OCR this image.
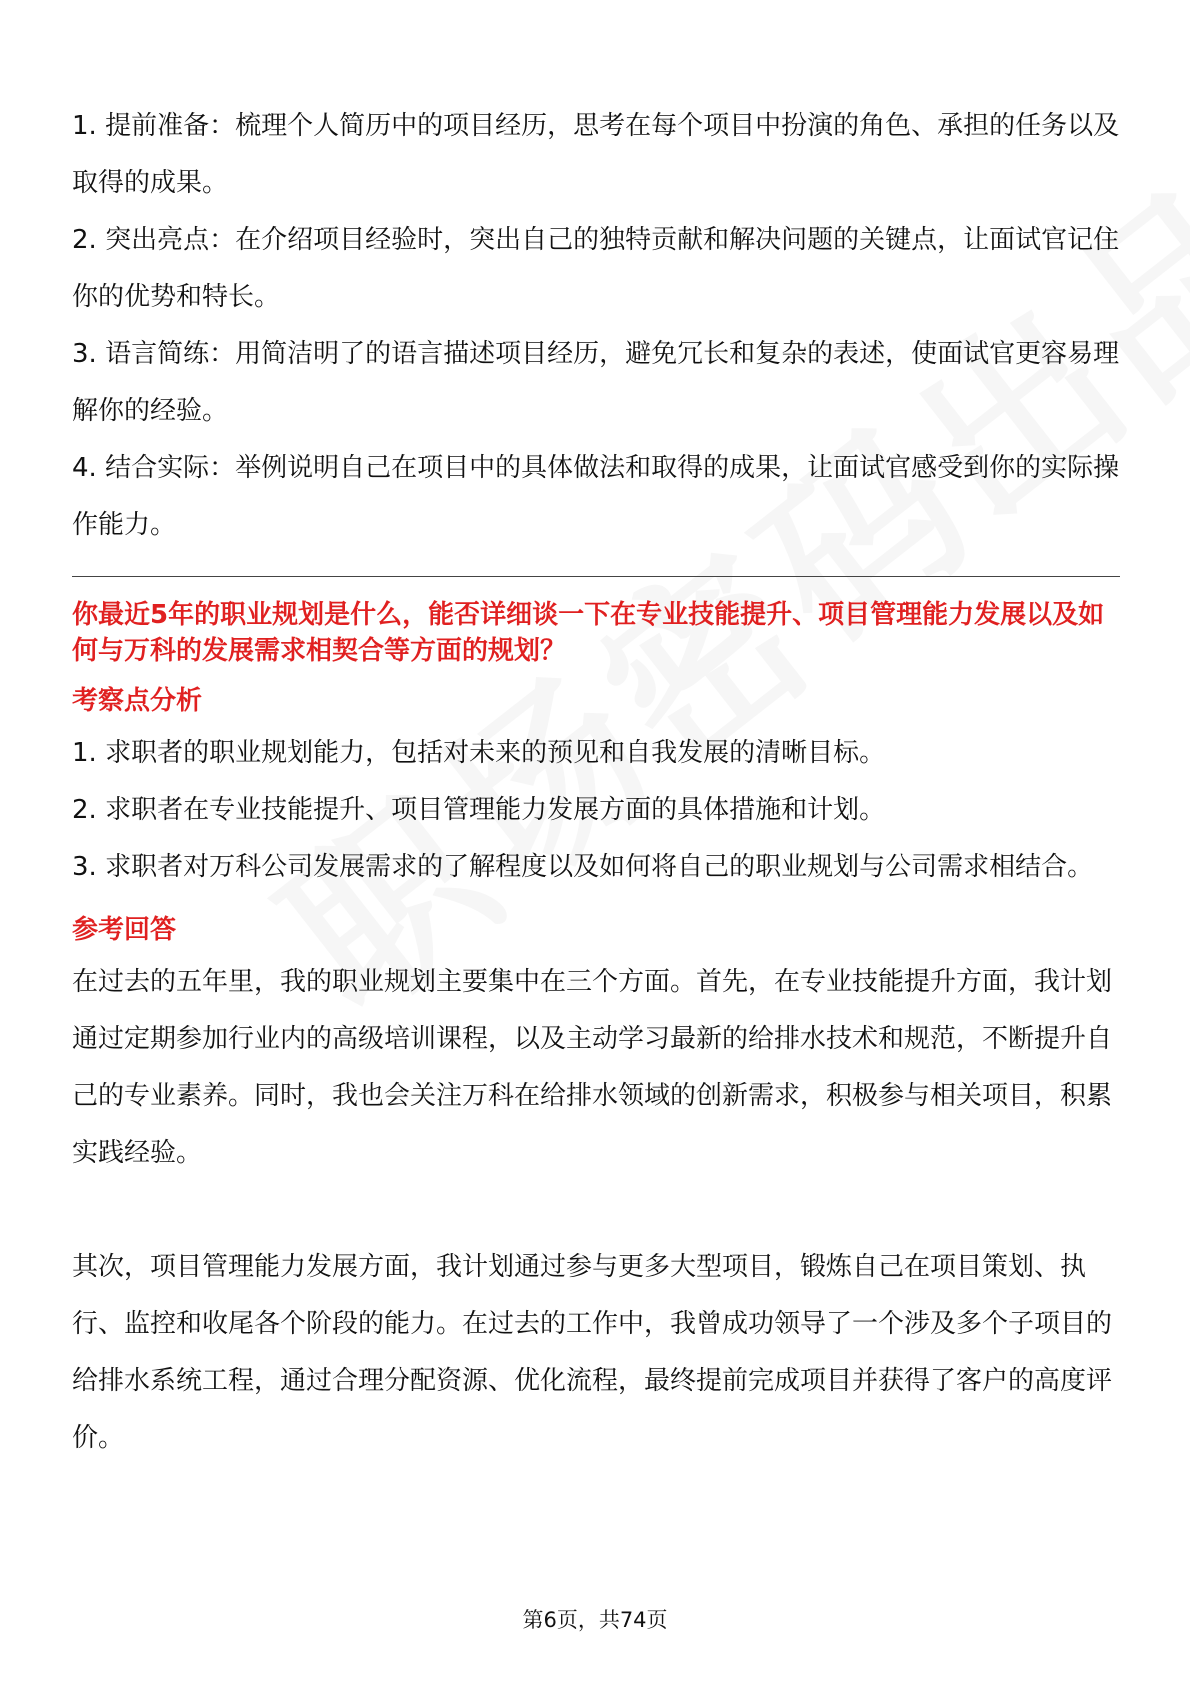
1. 提前准备：梳理个人简历中的项目经历，思考在每个项目中扮演的角色、承担的任务以及取得的成果。

2. 突出亮点：在介绍项目经验时，突出自己的独特贡献和解决问题的关键点，让面试官记住你的优势和特长。

3. 语言简练：用简洁明了的语言描述项目经历，避免冗长和复杂的表述，使面试官更容易理解你的经验。

4. 结合实际：举例说明自己在项目中的具体做法和取得的成果，让面试官感受到你的实际操作能力。

你最近5年的职业规划是什么，能否详细谈一下在专业技能提升、项目管理能力发展以及如何与万科的发展需求相契合等方面的规划？

考察点分析

1. 求职者的职业规划能力，包括对未来的预见和自我发展的清晰目标。

2. 求职者在专业技能提升、项目管理能力发展方面的具体措施和计划。

3. 求职者对万科公司发展需求的了解程度以及如何将自己的职业规划与公司需求相结合。

参考回答

在过去的五年里，我的职业规划主要集中在三个方面。首先，在专业技能提升方面，我计划通过定期参加行业内的高级培训课程，以及主动学习最新的给排水技术和规范，不断提升自己的专业素养。同时，我也会关注万科在给排水领域的创新需求，积极参与相关项目，积累实践经验。

其次，项目管理能力发展方面，我计划通过参与更多大型项目，锻炼自己在项目策划、执行、监控和收尾各个阶段的能力。在过去的工作中，我曾成功领导了一个涉及多个子项目的给排水系统工程，通过合理分配资源、优化流程，最终提前完成项目并获得了客户的高度评价。

第6页，共74页
